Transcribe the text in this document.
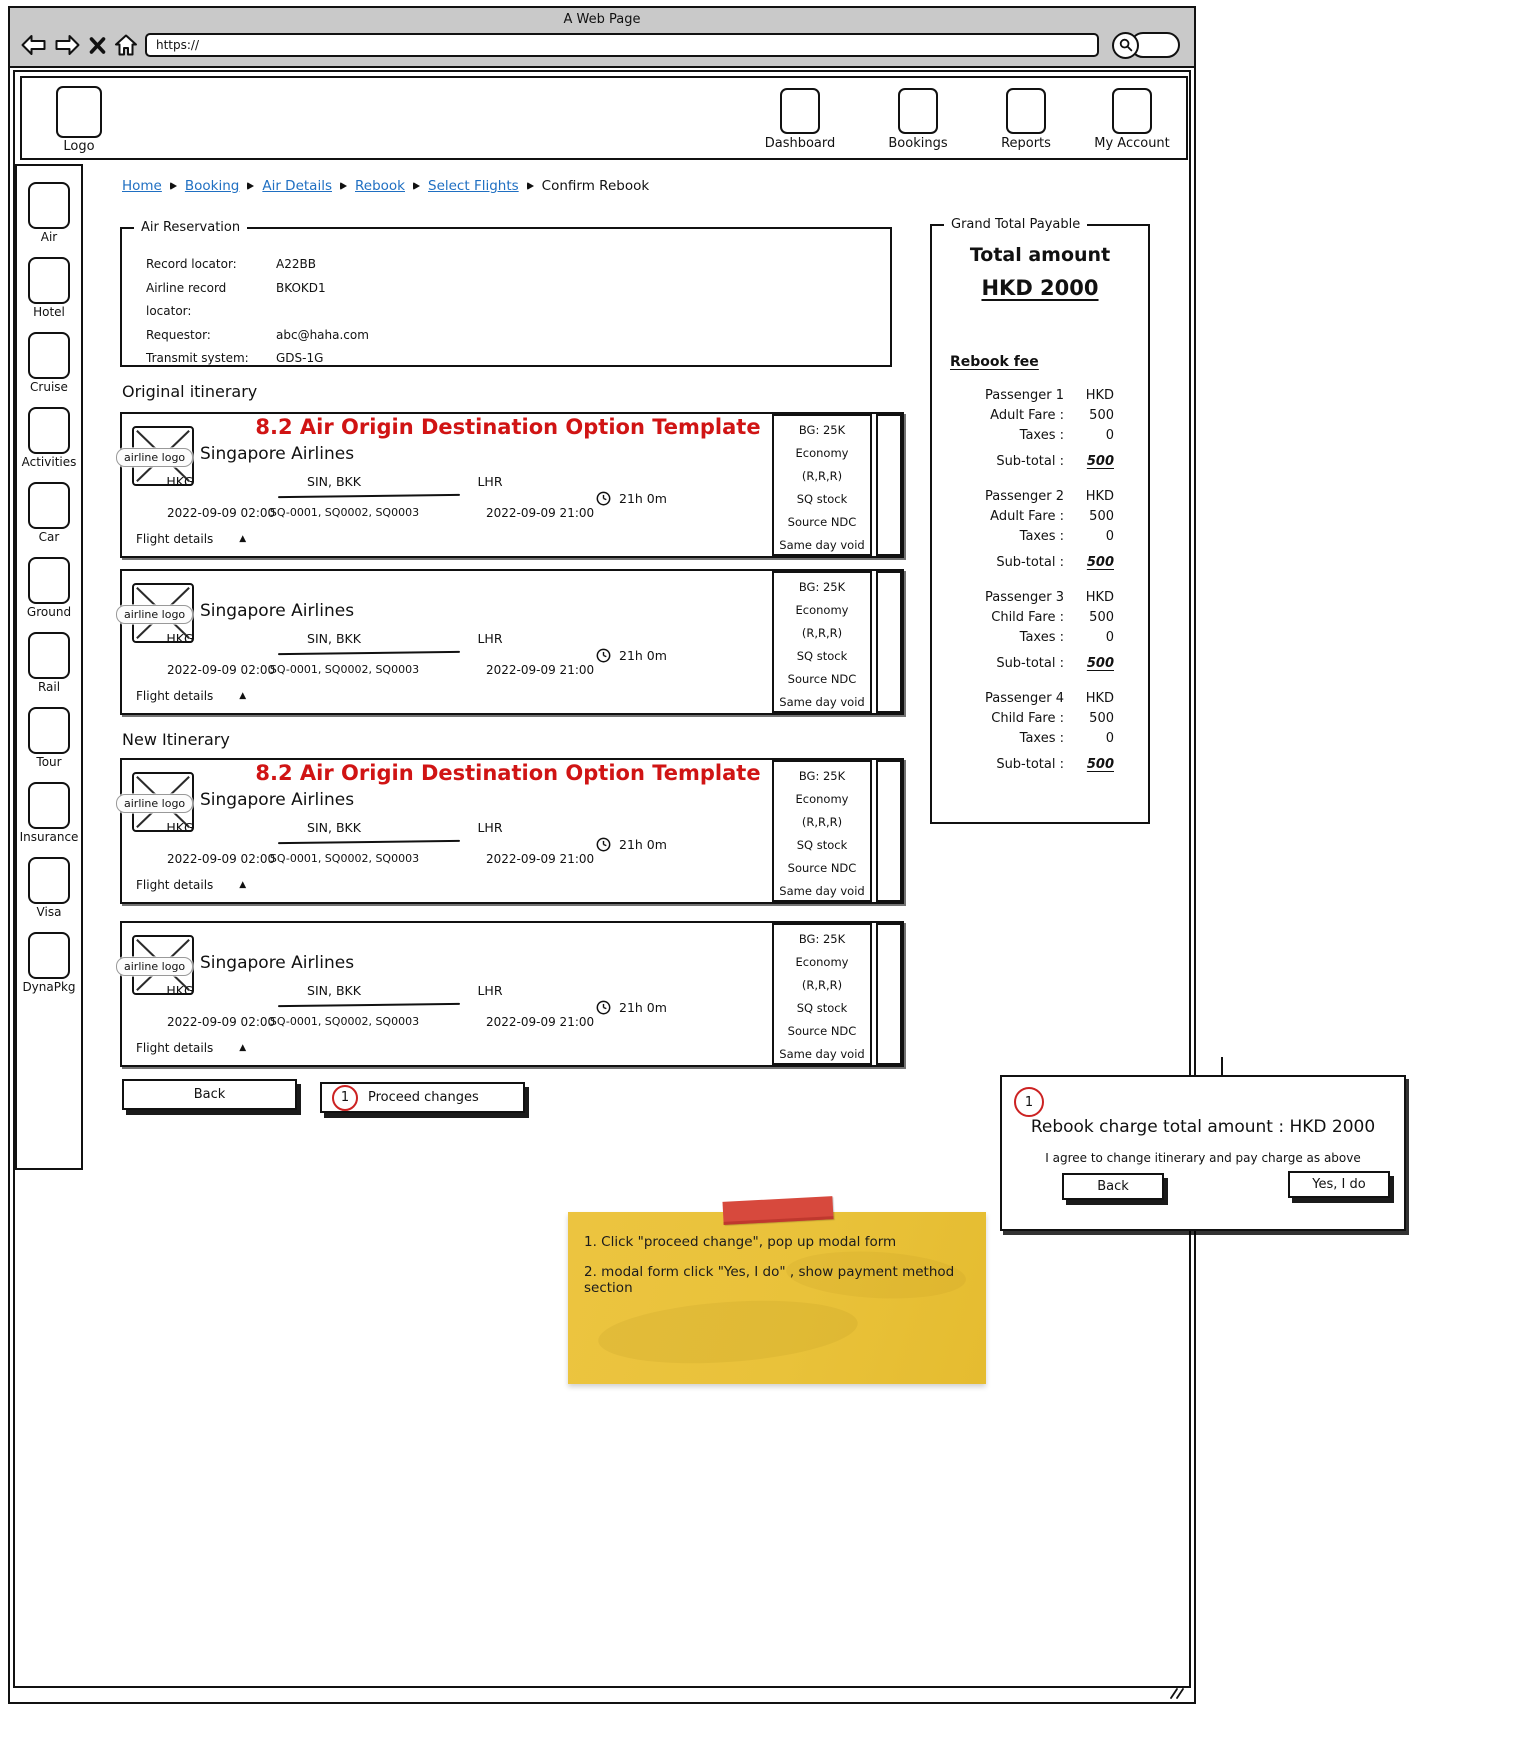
A Web Page
https://
Logo	Dashboard	Bookings	Reports	My Account
Air
Hotel
Cruise
Activities
Car
Ground
Rail
Tour
Insurance
Visa
DynaPkg
Home Booking Air Details Rebook Select Flights Confirm Rebook
Air Reservation
Record locator:	A22BB
Airline record locator:
BKOKD1
Requestor:	abc@haha.com
Transmit system:	GDS-1G
Original itinerary
New Itinerary
8.2 Air Origin Destination Option Template
airline logo Singapore Airlines
HKG	SIN, BKK	LHR
21h 0m
2022-09-09 02:00
SQ-0001, SQ0002, SQ0003	2022-09-09 21:00
Flight details	▲
BG: 25K
Economy
(R,R,R)
SQ stock
Source NDC
Same day void
airline logo Singapore Airlines
HKG	SIN, BKK	LHR
21h 0m
2022-09-09 02:00
SQ-0001, SQ0002, SQ0003	2022-09-09 21:00
Flight details	▲
BG: 25K
Economy
(R,R,R)
SQ stock
Source NDC
Same day void
8.2 Air Origin Destination Option Template
airline logo Singapore Airlines
HKG	SIN, BKK	LHR
21h 0m
2022-09-09 02:00
SQ-0001, SQ0002, SQ0003	2022-09-09 21:00
Flight details	▲
BG: 25K
Economy
(R,R,R)
SQ stock
Source NDC
Same day void
airline logo Singapore Airlines
HKG	SIN, BKK	LHR
21h 0m
2022-09-09 02:00
SQ-0001, SQ0002, SQ0003	2022-09-09 21:00
Flight details	▲
BG: 25K
Economy
(R,R,R)
SQ stock
Source NDC
Same day void
Grand Total Payable
Total amount
HKD 2000
Rebook fee
Passenger 1	HKD
Adult Fare :	500
Taxes :	0
Sub-total :	500
Passenger 2	HKD
Adult Fare :	500
Taxes :	0
Sub-total :	500
Passenger 3	HKD
Child Fare :	500
Taxes :	0
Sub-total :	500
Passenger 4	HKD
Child Fare :	500
Taxes :	0
Sub-total :	500
Back	1	Proceed changes	1
Rebook charge total amount : HKD 2000
I agree to change itinerary and pay charge as above
Back	Yes, I do
1. Click "proceed change", pop up modal form
2. modal form click "Yes, I do" , show payment method section
